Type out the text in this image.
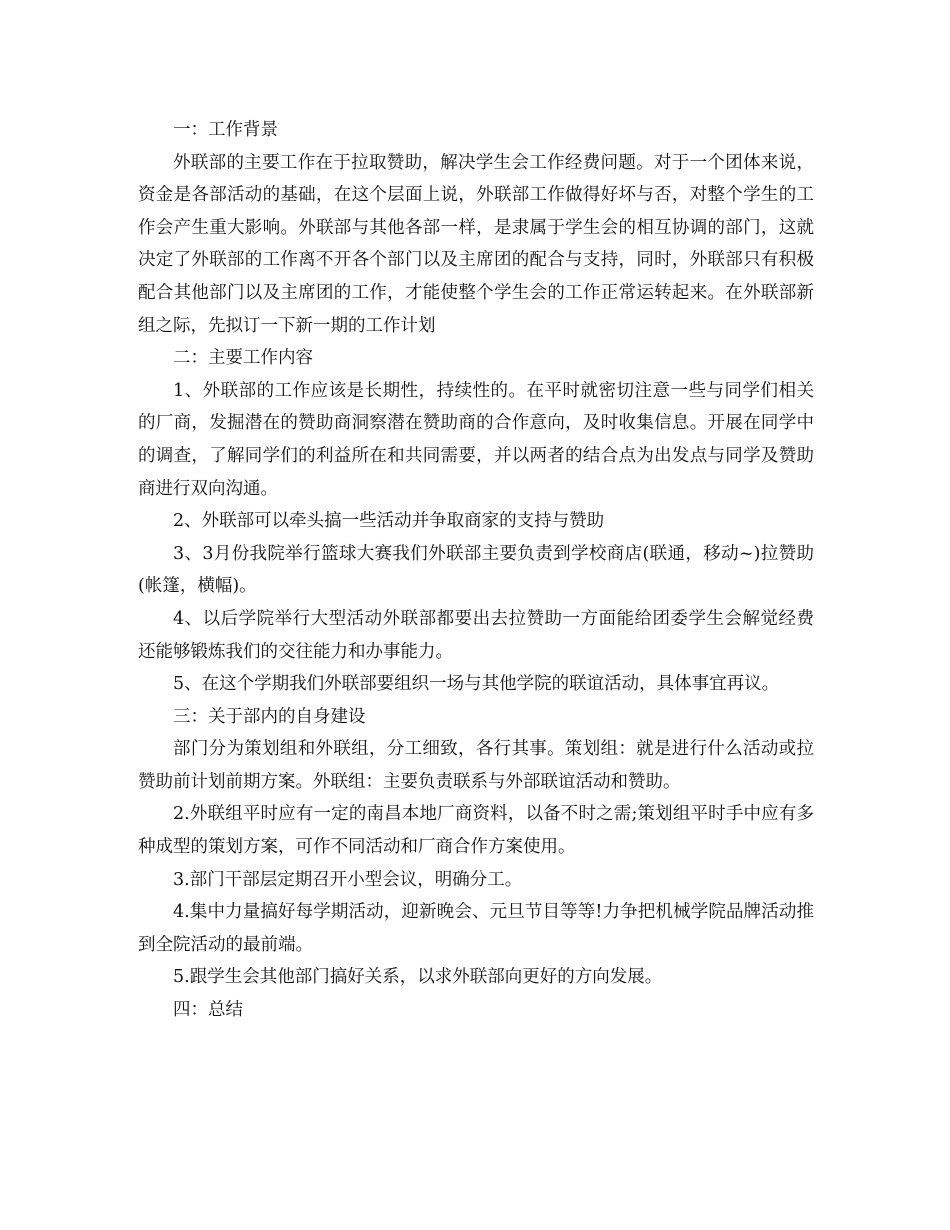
一：工作背景

外联部的主要工作在于拉取赞助，解决学生会工作经费问题。对于一个团体来说，资金是各部活动的基础，在这个层面上说，外联部工作做得好坏与否，对整个学生的工作会产生重大影响。外联部与其他各部一样，是隶属于学生会的相互协调的部门，这就决定了外联部的工作离不开各个部门以及主席团的配合与支持，同时，外联部只有积极配合其他部门以及主席团的工作，才能使整个学生会的工作正常运转起来。在外联部新组之际，先拟订一下新一期的工作计划

二：主要工作内容

1、外联部的工作应该是长期性，持续性的。在平时就密切注意一些与同学们相关的厂商，发掘潜在的赞助商洞察潜在赞助商的合作意向，及时收集信息。开展在同学中的调查，了解同学们的利益所在和共同需要，并以两者的结合点为出发点与同学及赞助商进行双向沟通。

2、外联部可以牵头搞一些活动并争取商家的支持与赞助

3、3月份我院举行篮球大赛我们外联部主要负责到学校商店(联通，移动~)拉赞助(帐篷，横幅)。

4、以后学院举行大型活动外联部都要出去拉赞助一方面能给团委学生会解觉经费还能够锻炼我们的交往能力和办事能力。

5、在这个学期我们外联部要组织一场与其他学院的联谊活动，具体事宜再议。

三：关于部内的自身建设

部门分为策划组和外联组，分工细致，各行其事。策划组：就是进行什么活动或拉赞助前计划前期方案。外联组：主要负责联系与外部联谊活动和赞助。

2.外联组平时应有一定的南昌本地厂商资料，以备不时之需;策划组平时手中应有多种成型的策划方案，可作不同活动和厂商合作方案使用。

3.部门干部层定期召开小型会议，明确分工。

4.集中力量搞好每学期活动，迎新晚会、元旦节目等等!力争把机械学院品牌活动推到全院活动的最前端。

5.跟学生会其他部门搞好关系，以求外联部向更好的方向发展。

四：总结
